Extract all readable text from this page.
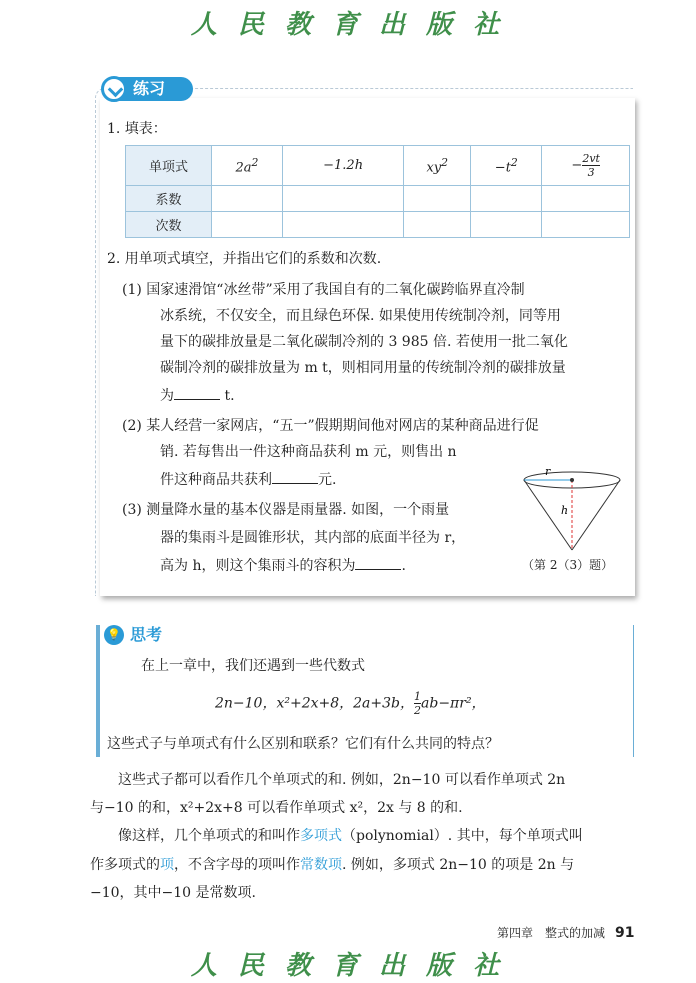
人 民 教 育 出 版 社
练习
1. 填表：
单项式	$2a^2$	−1.2h	$xy^2$	$-t^2$	− $\frac{2vt}{3}$

系数					
次数					
2. 用单项式填空，并指出它们的系数和次数.
(1) 国家速滑馆“冰丝带”采用了我国自有的二氧化碳跨临界直冷制
冰系统，不仅安全，而且绿色环保. 如果使用传统制冷剂，同等用
量下的碳排放量是二氧化碳制冷剂的 3 985 倍. 若使用一批二氧化
碳制冷剂的碳排放量为 m t，则相同用量的传统制冷剂的碳排放量
为	t.
(2) 某人经营一家网店，“五一”假期期间他对网店的某种商品进行促
销. 若每售出一件这种商品获利 m 元，则售出 n
件这种商品共获利	元.
(3) 测量降水量的基本仪器是雨量器. 如图，一个雨量
器的集雨斗是圆锥形状，其内部的底面半径为 r，
高为 h，则这个集雨斗的容积为	.
r
h
（第 2（3）题）
💡 思考
在上一章中，我们还遇到一些代数式
2n−10，x²+2x+8，2a+3b， $\frac{1}{2} ab-\pi r^2$，
这些式子与单项式有什么区别和联系？它们有什么共同的特点？
这些式子都可以看作几个单项式的和. 例如，2n−10 可以看作单项式 2n
与−10 的和，x²+2x+8 可以看作单项式 x²，2x 与 8 的和.
像这样，几个单项式的和叫作多项式（polynomial）. 其中，每个单项式叫
作多项式的项，不含字母的项叫作常数项. 例如，多项式 2n−10 的项是 2n 与
−10，其中−10 是常数项.
第四章　整式的加减 91
人 民 教 育 出 版 社
